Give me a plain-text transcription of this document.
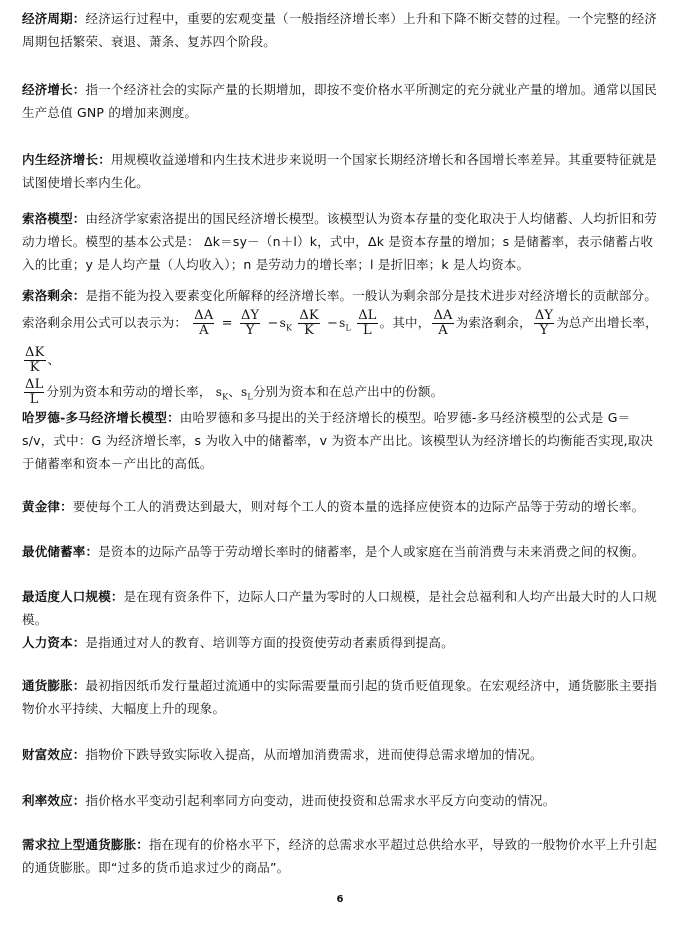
经济周期：经济运行过程中，重要的宏观变量（一般指经济增长率）上升和下降不断交替的过程。一个完整的经济周期包括繁荣、衰退、萧条、复苏四个阶段。

经济增长：指一个经济社会的实际产量的长期增加，即按不变价格水平所测定的充分就业产量的增加。通常以国民生产总值 GNP 的增加来测度。

内生经济增长：用规模收益递增和内生技术进步来说明一个国家长期经济增长和各国增长率差异。其重要特征就是试图使增长率内生化。

索洛模型：由经济学家索洛提出的国民经济增长模型。该模型认为资本存量的变化取决于人均储蓄、人均折旧和劳动力增长。模型的基本公式是： Δk＝sy－（n＋l）k，式中，Δk 是资本存量的增加；s 是储蓄率，表示储蓄占收入的比重；y 是人均产量（人均收入）；n 是劳动力的增长率；l 是折旧率；k 是人均资本。

索洛剩余：是指不能为投入要素变化所解释的经济增长率。一般认为剩余部分是技术进步对经济增长的贡献部分。
索洛剩余用公式可以表示为： $\frac{\Delta A}{A} = \frac{\Delta Y}{Y} -s_K \frac{\Delta K}{K} -s_L \frac{\Delta L}{L}$ 。其中， $\frac{\Delta A}{A}$ 为索洛剩余， $\frac{\Delta Y}{Y}$ 为总产出增长率，
$\frac{\Delta K}{K}$ 、
$\frac{\Delta L}{L}$ 分别为资本和劳动的增长率， $s_K$、$s_L$分别为资本和在总产出中的份额。

哈罗德-多马经济增长模型：由哈罗德和多马提出的关于经济增长的模型。哈罗德-多马经济模型的公式是 G＝s/v，式中：G 为经济增长率，s 为收入中的储蓄率，v 为资本产出比。该模型认为经济增长的均衡能否实现,取决于储蓄率和资本－产出比的高低。

黄金律：要使每个工人的消费达到最大，则对每个工人的资本量的选择应使资本的边际产品等于劳动的增长率。

最优储蓄率：是资本的边际产品等于劳动增长率时的储蓄率，是个人或家庭在当前消费与未来消费之间的权衡。

最适度人口规模：是在现有资条件下，边际人口产量为零时的人口规模，是社会总福利和人均产出最大时的人口规模。

人力资本：是指通过对人的教育、培训等方面的投资使劳动者素质得到提高。

通货膨胀：最初指因纸币发行量超过流通中的实际需要量而引起的货币贬值现象。在宏观经济中，通货膨胀主要指物价水平持续、大幅度上升的现象。

财富效应：指物价下跌导致实际收入提高，从而增加消费需求，进而使得总需求增加的情况。

利率效应：指价格水平变动引起利率同方向变动，进而使投资和总需求水平反方向变动的情况。

需求拉上型通货膨胀：指在现有的价格水平下，经济的总需求水平超过总供给水平，导致的一般物价水平上升引起的通货膨胀。即“过多的货币追求过少的商品”。

6
